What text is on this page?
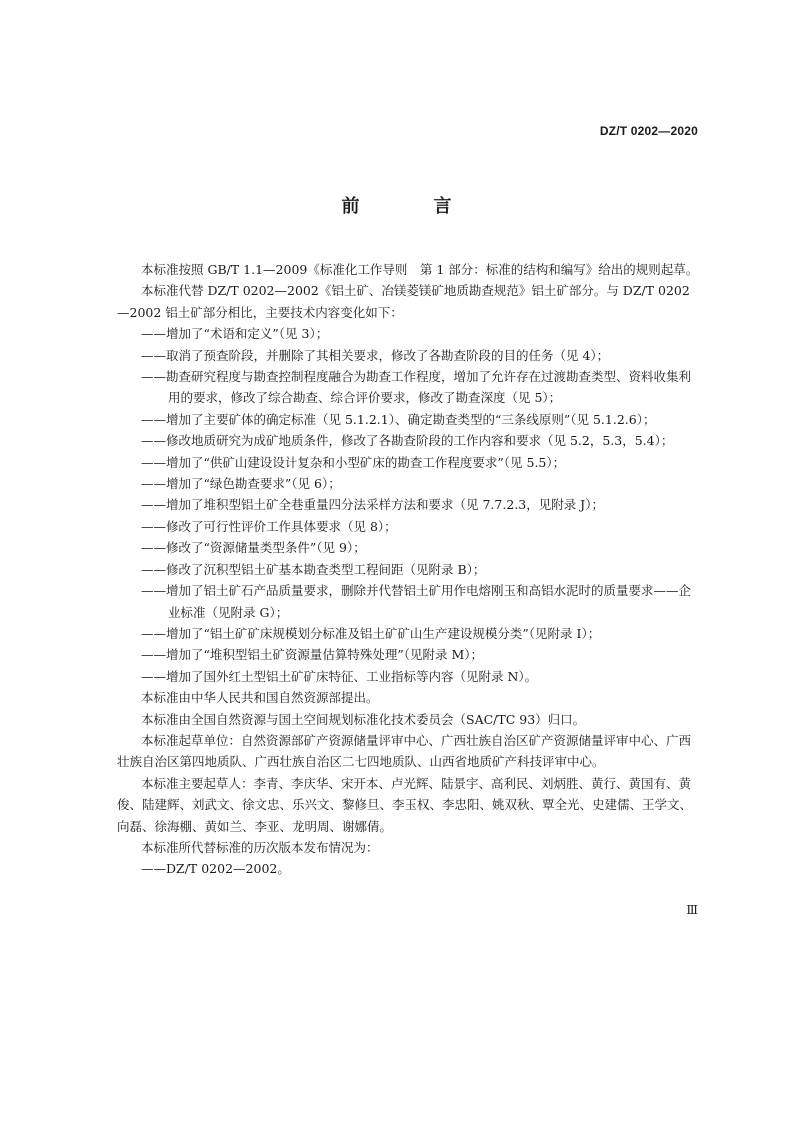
DZ/T 0202—2020
前　言

本标准按照 GB/T 1.1—2009《标准化工作导则　第 1 部分：标准的结构和编写》给出的规则起草。

本标准代替 DZ/T 0202—2002《铝土矿、冶镁菱镁矿地质勘查规范》铝土矿部分。与 DZ/T 0202—2002 铝土矿部分相比，主要技术内容变化如下：

——增加了“术语和定义”（见 3）；

——取消了预查阶段，并删除了其相关要求，修改了各勘查阶段的目的任务（见 4）；

——勘查研究程度与勘查控制程度融合为勘查工作程度，增加了允许存在过渡勘查类型、资料收集利用的要求，修改了综合勘查、综合评价要求，修改了勘查深度（见 5）；

——增加了主要矿体的确定标准（见 5.1.2.1）、确定勘查类型的“三条线原则”（见 5.1.2.6）；

——修改地质研究为成矿地质条件，修改了各勘查阶段的工作内容和要求（见 5.2，5.3，5.4）；

——增加了“供矿山建设设计复杂和小型矿床的勘查工作程度要求”（见 5.5）；

——增加了“绿色勘查要求”（见 6）；

——增加了堆积型铝土矿全巷重量四分法采样方法和要求（见 7.7.2.3，见附录 J）；

——修改了可行性评价工作具体要求（见 8）；

——修改了“资源储量类型条件”（见 9）；

——修改了沉积型铝土矿基本勘查类型工程间距（见附录 B）；

——增加了铝土矿石产品质量要求，删除并代替铝土矿用作电熔刚玉和高铝水泥时的质量要求——企业标准（见附录 G）；

——增加了“铝土矿矿床规模划分标准及铝土矿矿山生产建设规模分类”（见附录 I）；

——增加了“堆积型铝土矿资源量估算特殊处理”（见附录 M）；

——增加了国外红土型铝土矿矿床特征、工业指标等内容（见附录 N）。

本标准由中华人民共和国自然资源部提出。

本标准由全国自然资源与国土空间规划标准化技术委员会（SAC/TC 93）归口。

本标准起草单位：自然资源部矿产资源储量评审中心、广西壮族自治区矿产资源储量评审中心、广西壮族自治区第四地质队、广西壮族自治区二七四地质队、山西省地质矿产科技评审中心。

本标准主要起草人：李青、李庆华、宋开本、卢光辉、陆景宇、高利民、刘炳胜、黄行、黄国有、黄俊、陆建辉、刘武文、徐文忠、乐兴文、黎修旦、李玉权、李忠阳、姚双秋、覃全光、史建儒、王学文、向磊、徐海棚、黄如兰、李亚、龙明周、谢娜倩。

本标准所代替标准的历次版本发布情况为：

——DZ/T 0202—2002。

Ⅲ
